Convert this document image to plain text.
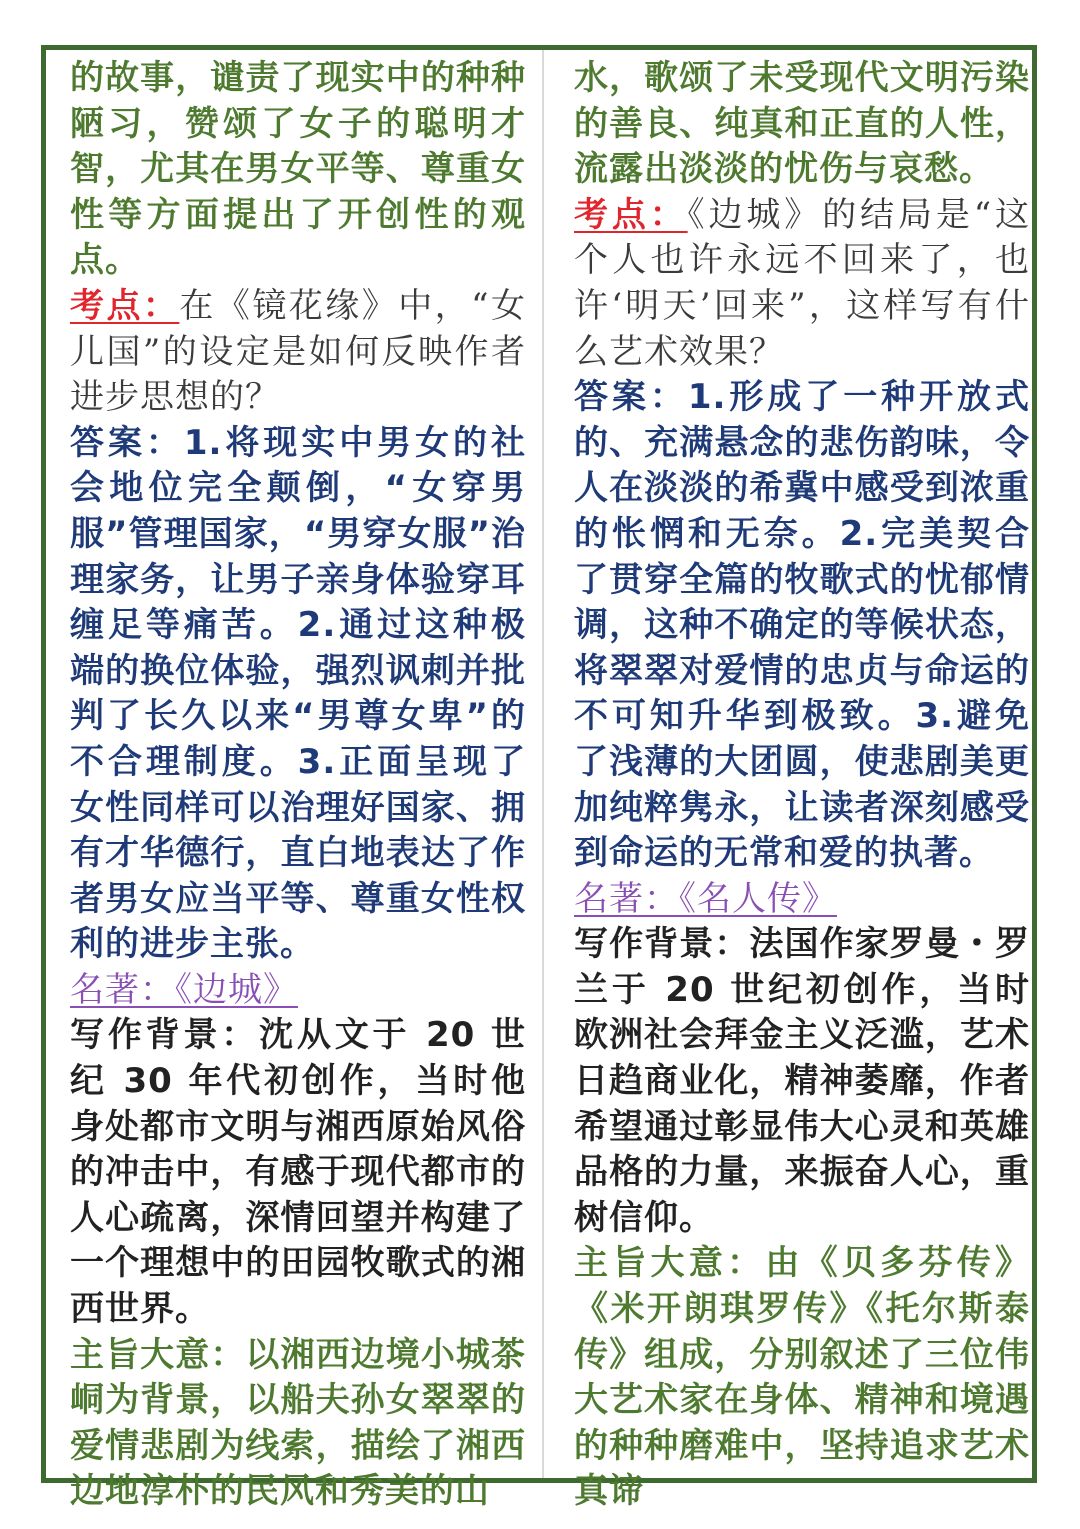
的故事，谴责了现实中的种种陋习，赞颂了女子的聪明才智，尤其在男女平等、尊重女性等方面提出了开创性的观点。

考点：在《镜花缘》中，“女儿国”的设定是如何反映作者进步思想的？

答案：1.将现实中男女的社会地位完全颠倒，“女穿男服”管理国家，“男穿女服”治理家务，让男子亲身体验穿耳缠足等痛苦。2.通过这种极端的换位体验，强烈讽刺并批判了长久以来“男尊女卑”的不合理制度。3.正面呈现了女性同样可以治理好国家、拥有才华德行，直白地表达了作者男女应当平等、尊重女性权利的进步主张。

名著：《边城》

写作背景：沈从文于 20 世纪 30 年代初创作，当时他身处都市文明与湘西原始风俗的冲击中，有感于现代都市的人心疏离，深情回望并构建了一个理想中的田园牧歌式的湘西世界。

主旨大意：以湘西边境小城茶峒为背景，以船夫孙女翠翠的爱情悲剧为线索，描绘了湘西边地淳朴的民风和秀美的山

水，歌颂了未受现代文明污染的善良、纯真和正直的人性，流露出淡淡的忧伤与哀愁。

考点：《边城》的结局是“这个人也许永远不回来了，也许‘明天’回来”，这样写有什么艺术效果？

答案：1.形成了一种开放式的、充满悬念的悲伤韵味，令人在淡淡的希冀中感受到浓重的怅惘和无奈。2.完美契合了贯穿全篇的牧歌式的忧郁情调，这种不确定的等候状态，将翠翠对爱情的忠贞与命运的不可知升华到极致。3.避免了浅薄的大团圆，使悲剧美更加纯粹隽永，让读者深刻感受到命运的无常和爱的执著。

名著：《名人传》

写作背景：法国作家罗曼・罗兰于 20 世纪初创作，当时欧洲社会拜金主义泛滥，艺术日趋商业化，精神萎靡，作者希望通过彰显伟大心灵和英雄品格的力量，来振奋人心，重树信仰。

主旨大意：由《贝多芬传》《米开朗琪罗传》《托尔斯泰传》组成，分别叙述了三位伟大艺术家在身体、精神和境遇的种种磨难中，坚持追求艺术真谛
